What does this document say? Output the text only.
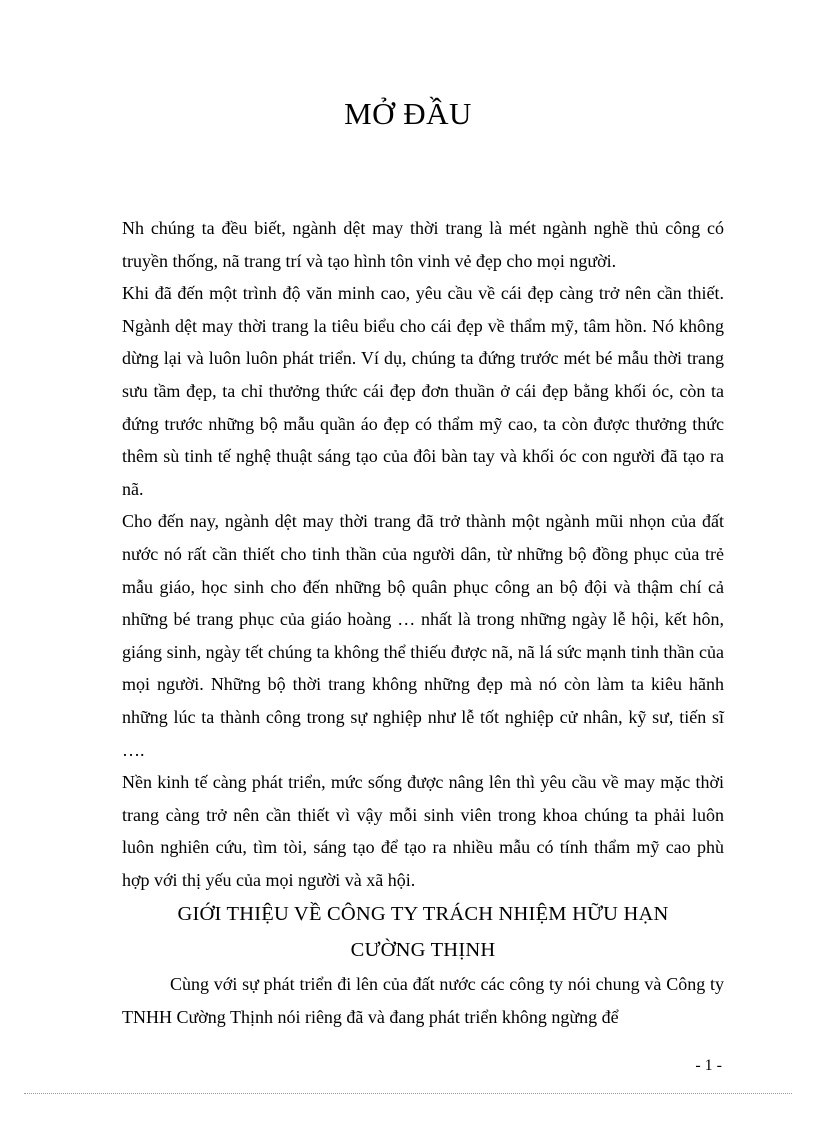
MỞ ĐẦU

Nh chúng ta đều biết, ngành dệt may thời trang là mét ngành nghề thủ công có truyền thống, nã trang trí và tạo hình tôn vinh vẻ đẹp cho mọi người.

Khi đã đến một trình độ văn minh cao, yêu cầu về cái đẹp càng trở nên cần thiết. Ngành dệt may thời trang la tiêu biểu cho cái đẹp về thẩm mỹ, tâm hồn. Nó không dừng lại và luôn luôn phát triển. Ví dụ, chúng ta đứng trước mét bé mẫu thời trang sưu tầm đẹp, ta chỉ thưởng thức cái đẹp đơn thuần ở cái đẹp bằng khối óc, còn ta đứng trước những bộ mẫu quần áo đẹp có thẩm mỹ cao, ta còn được thưởng thức thêm sù tinh tế nghệ thuật sáng tạo của đôi bàn tay và khối óc con người đã tạo ra nã.

Cho đến nay, ngành dệt may thời trang đã trở thành một ngành mũi nhọn của đất nước nó rất cần thiết cho tinh thần của người dân, từ những bộ đồng phục của trẻ mẫu giáo, học sinh cho đến những bộ quân phục công an bộ đội và thậm chí cả những bé trang phục của giáo hoàng … nhất là trong những ngày lễ hội, kết hôn, giáng sinh, ngày tết chúng ta không thể thiếu được nã, nã lá sức mạnh tinh thần của mọi người. Những bộ thời trang không những đẹp mà nó còn làm ta kiêu hãnh những lúc ta thành công trong sự nghiệp như lễ tốt nghiệp cử nhân, kỹ sư, tiến sĩ ….

Nền kinh tế càng phát triển, mức sống được nâng lên thì yêu cầu về may mặc thời trang càng trở nên cần thiết vì vậy mỗi sinh viên trong khoa chúng ta phải luôn luôn nghiên cứu, tìm tòi, sáng tạo để tạo ra nhiều mẫu có tính thẩm mỹ cao phù hợp với thị yếu của mọi người và xã hội.

GIỚI THIỆU VỀ CÔNG TY TRÁCH NHIỆM HỮU HẠN
CƯỜNG THỊNH

Cùng với sự phát triển đi lên của đất nước các công ty nói chung và Công ty TNHH Cường Thịnh nói riêng đã và đang phát triển không ngừng để

- 1 -
